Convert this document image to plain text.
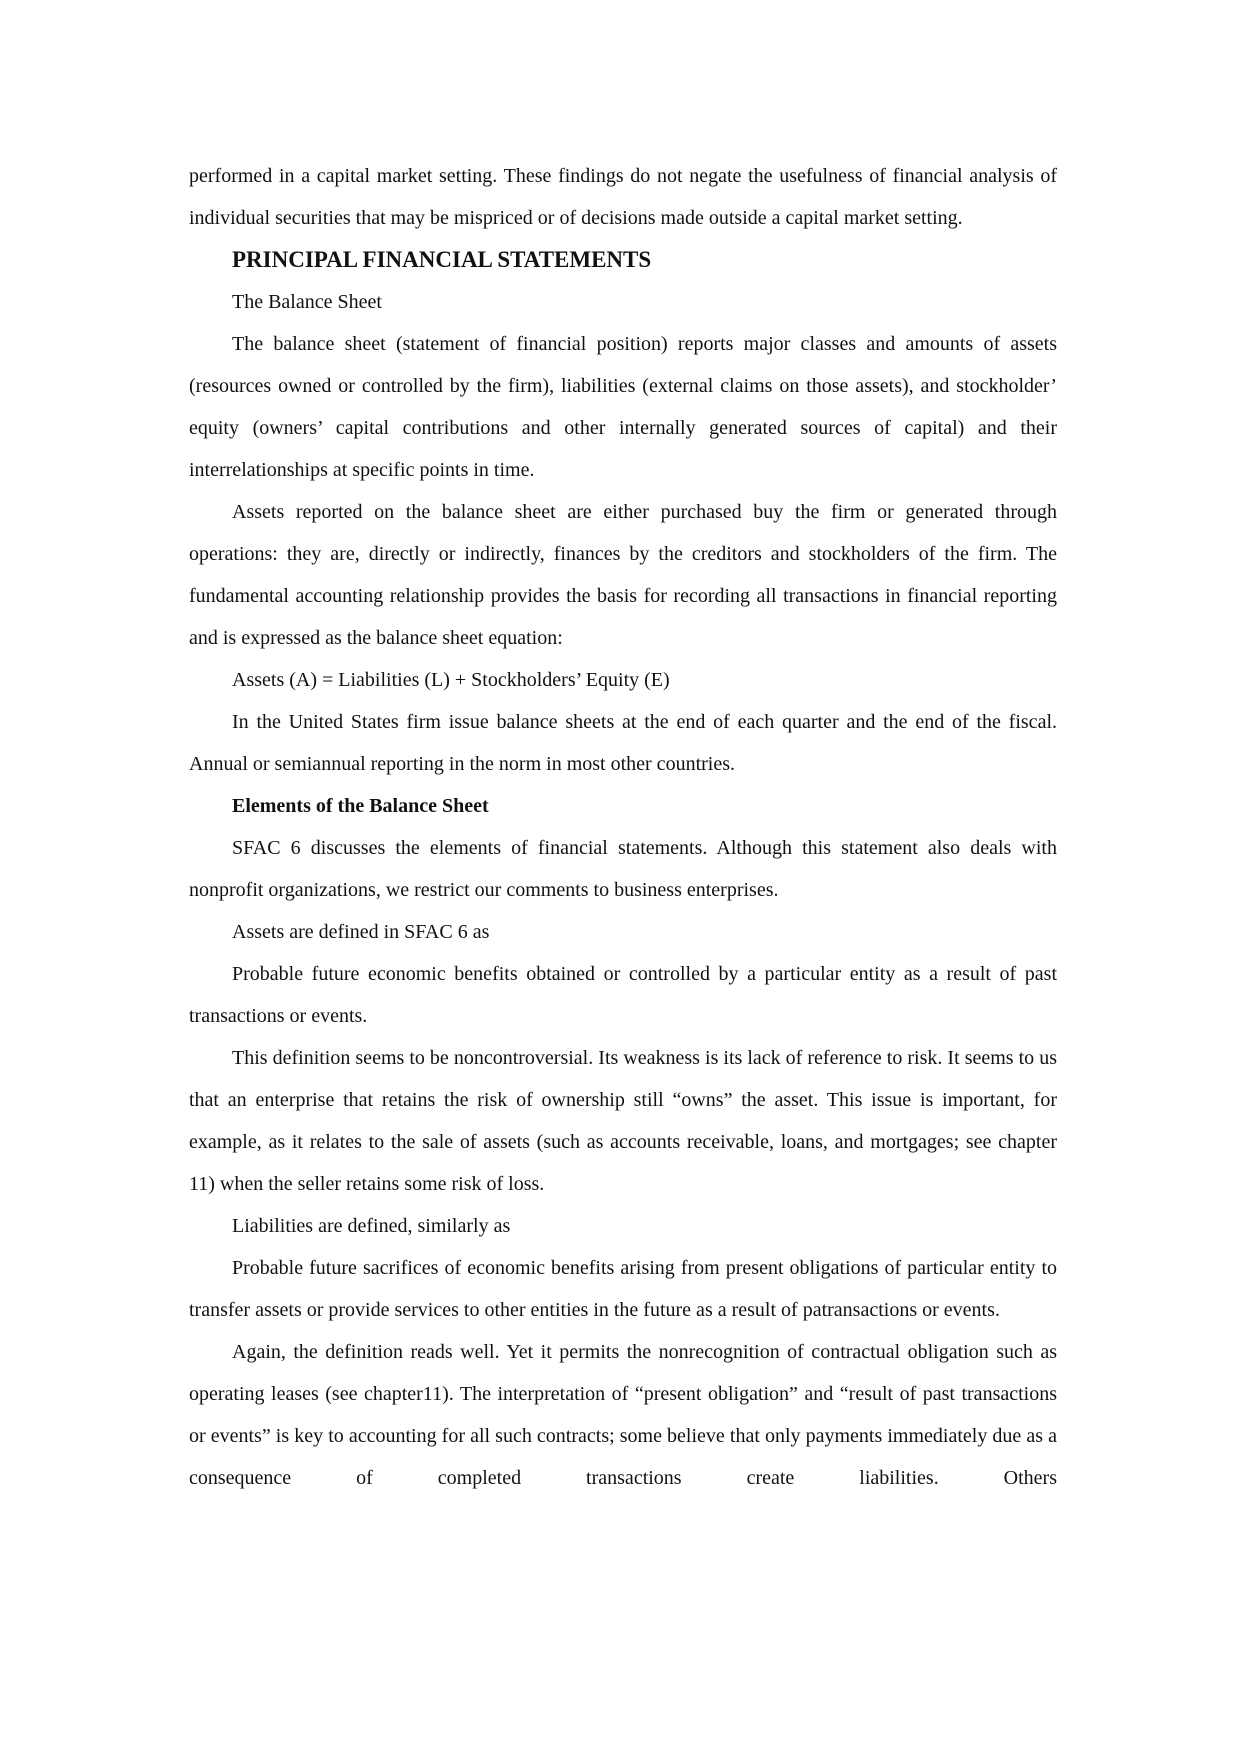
performed in a capital market setting. These findings do not negate the usefulness of financial analysis of individual securities that may be mispriced or of decisions made outside a capital market setting.

PRINCIPAL FINANCIAL STATEMENTS

The Balance Sheet

The balance sheet (statement of financial position) reports major classes and amounts of assets (resources owned or controlled by the firm), liabilities (external claims on those assets), and stockholder’ equity (owners’ capital contributions and other internally generated sources of capital) and their interrelationships at specific points in time.

Assets reported on the balance sheet are either purchased buy the firm or generated through operations: they are, directly or indirectly, finances by the creditors and stockholders of the firm. The fundamental accounting relationship provides the basis for recording all transactions in financial reporting and is expressed as the balance sheet equation:

Assets (A) = Liabilities (L) + Stockholders’ Equity (E)

In the United States firm issue balance sheets at the end of each quarter and the end of the fiscal. Annual or semiannual reporting in the norm in most other countries.

Elements of the Balance Sheet

SFAC 6 discusses the elements of financial statements. Although this statement also deals with nonprofit organizations, we restrict our comments to business enterprises.

Assets are defined in SFAC 6 as

Probable future economic benefits obtained or controlled by a particular entity as a result of past transactions or events.

This definition seems to be noncontroversial. Its weakness is its lack of reference to risk. It seems to us that an enterprise that retains the risk of ownership still “owns” the asset. This issue is important, for example, as it relates to the sale of assets (such as accounts receivable, loans, and mortgages; see chapter 11) when the seller retains some risk of loss.

Liabilities are defined, similarly as

Probable future sacrifices of economic benefits arising from present obligations of particular entity to transfer assets or provide services to other entities in the future as a result of patransactions or events.

Again, the definition reads well. Yet it permits the nonrecognition of contractual obligation such as operating leases (see chapter11). The interpretation of “present obligation” and “result of past transactions or events” is key to accounting for all such contracts; some believe that only payments immediately due as a consequence of completed transactions create liabilities. Others
